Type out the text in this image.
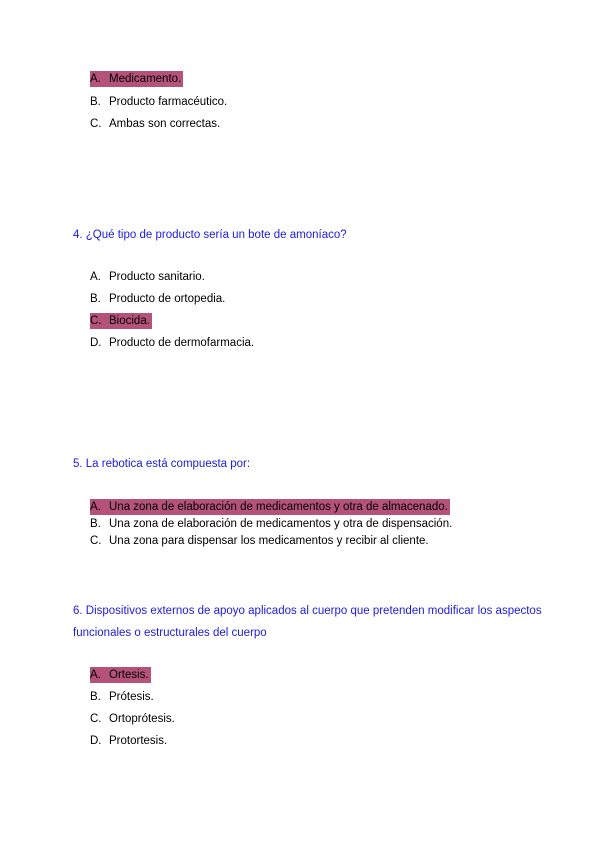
A. Medicamento.
B. Producto farmacéutico.
C. Ambas son correctas.
4. ¿Qué tipo de producto sería un bote de amoníaco?
A. Producto sanitario.
B. Producto de ortopedia.
C. Biocida.
D. Producto de dermofarmacia.
5. La rebotica está compuesta por:
A. Una zona de elaboración de medicamentos y otra de almacenado.
B. Una zona de elaboración de medicamentos y otra de dispensación.
C. Una zona para dispensar los medicamentos y recibir al cliente.
6. Dispositivos externos de apoyo aplicados al cuerpo que pretenden modificar los aspectos funcionales o estructurales del cuerpo
A. Ortesis.
B. Prótesis.
C. Ortoprótesis.
D. Protortesis.
